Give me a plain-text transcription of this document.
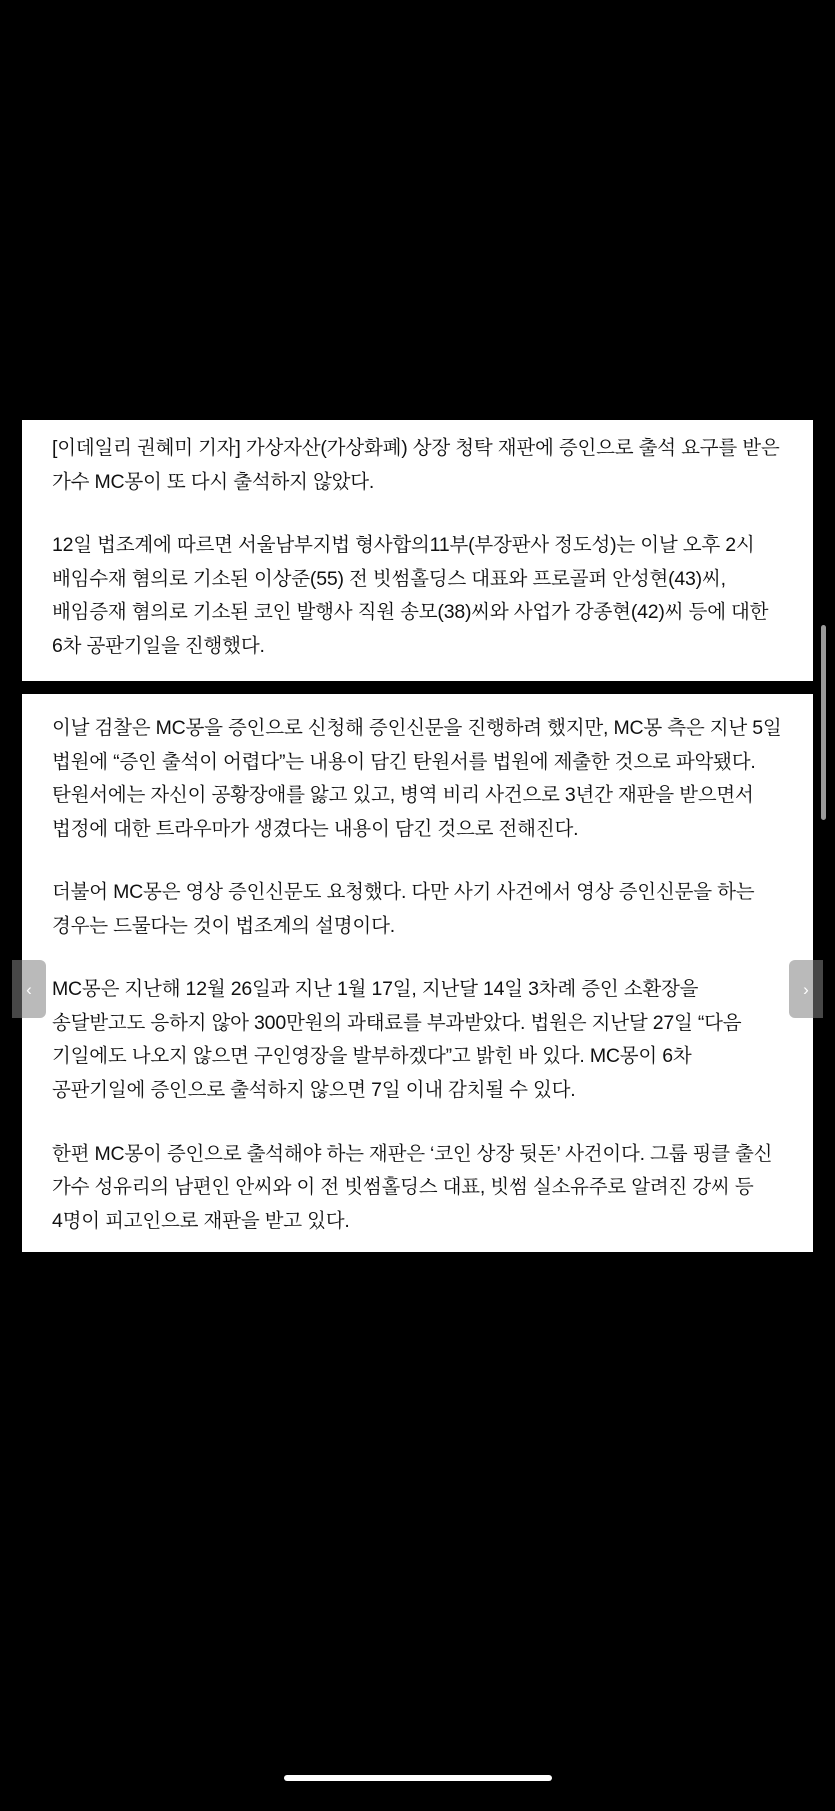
[이데일리 권혜미 기자] 가상자산(가상화폐) 상장 청탁 재판에 증인으로 출석 요구를 받은 가수 MC몽이 또 다시 출석하지 않았다.

12일 법조계에 따르면 서울남부지법 형사합의11부(부장판사 정도성)는 이날 오후 2시 배임수재 혐의로 기소된 이상준(55) 전 빗썸홀딩스 대표와 프로골퍼 안성현(43)씨, 배임증재 혐의로 기소된 코인 발행사 직원 송모(38)씨와 사업가 강종현(42)씨 등에 대한 6차 공판기일을 진행했다.

이날 검찰은 MC몽을 증인으로 신청해 증인신문을 진행하려 했지만, MC몽 측은 지난 5일 법원에 “증인 출석이 어렵다”는 내용이 담긴 탄원서를 법원에 제출한 것으로 파악됐다. 탄원서에는 자신이 공황장애를 앓고 있고, 병역 비리 사건으로 3년간 재판을 받으면서 법정에 대한 트라우마가 생겼다는 내용이 담긴 것으로 전해진다.

더불어 MC몽은 영상 증인신문도 요청했다. 다만 사기 사건에서 영상 증인신문을 하는 경우는 드물다는 것이 법조계의 설명이다.

MC몽은 지난해 12월 26일과 지난 1월 17일, 지난달 14일 3차례 증인 소환장을 송달받고도 응하지 않아 300만원의 과태료를 부과받았다. 법원은 지난달 27일 “다음 기일에도 나오지 않으면 구인영장을 발부하겠다”고 밝힌 바 있다. MC몽이 6차 공판기일에 증인으로 출석하지 않으면 7일 이내 감치될 수 있다.

한편 MC몽이 증인으로 출석해야 하는 재판은 ‘코인 상장 뒷돈’ 사건이다. 그룹 핑클 출신 가수 성유리의 남편인 안씨와 이 전 빗썸홀딩스 대표, 빗썸 실소유주로 알려진 강씨 등 4명이 피고인으로 재판을 받고 있다.

‹	›
